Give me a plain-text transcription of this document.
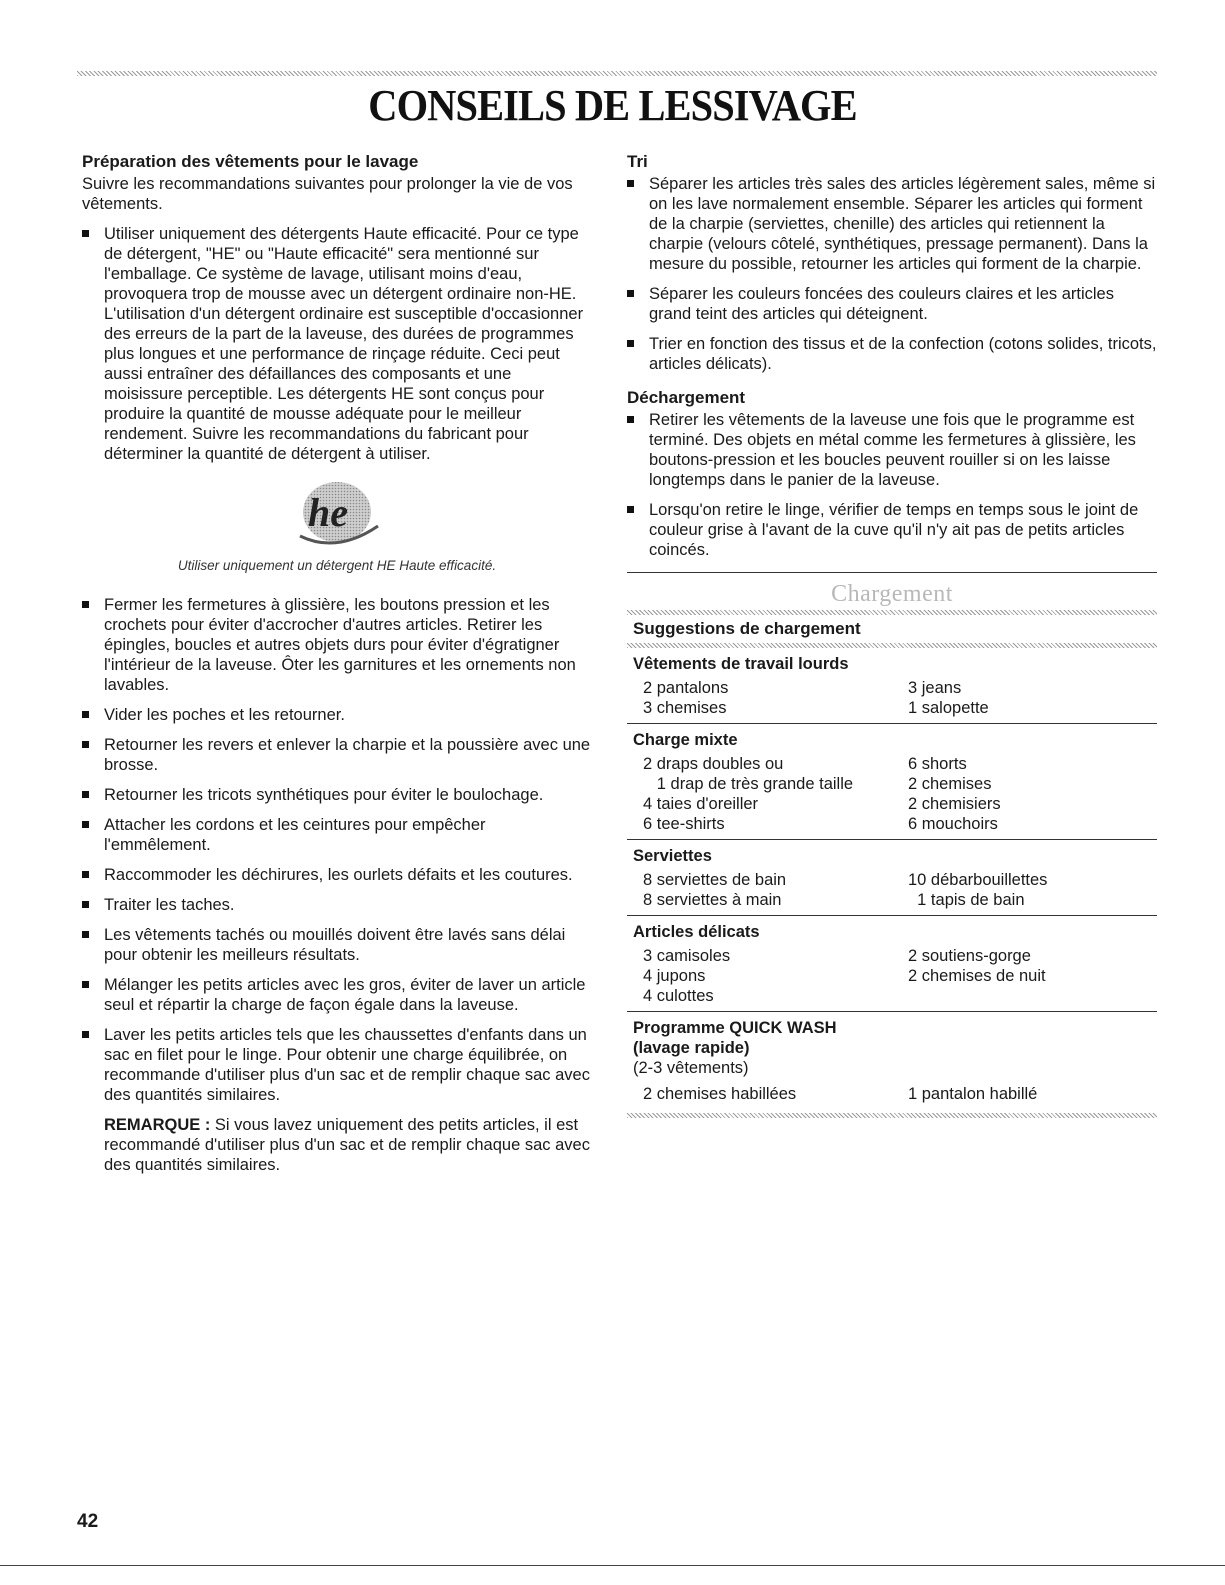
CONSEILS DE LESSIVAGE
Préparation des vêtements pour le lavage
Suivre les recommandations suivantes pour prolonger la vie de vos vêtements.
Utiliser uniquement des détergents Haute efficacité. Pour ce type de détergent, "HE" ou "Haute efficacité" sera mentionné sur l'emballage. Ce système de lavage, utilisant moins d'eau, provoquera trop de mousse avec un détergent ordinaire non-HE. L'utilisation d'un détergent ordinaire est susceptible d'occasionner des erreurs de la part de la laveuse, des durées de programmes plus longues et une performance de rinçage réduite. Ceci peut aussi entraîner des défaillances des composants et une moisissure perceptible. Les détergents HE sont conçus pour produire la quantité de mousse adéquate pour le meilleur rendement. Suivre les recommandations du fabricant pour déterminer la quantité de détergent à utiliser.
he
Utiliser uniquement un détergent HE Haute efficacité.
Fermer les fermetures à glissière, les boutons pression et les crochets pour éviter d'accrocher d'autres articles. Retirer les épingles, boucles et autres objets durs pour éviter d'égratigner l'intérieur de la laveuse. Ôter les garnitures et les ornements non lavables.
Vider les poches et les retourner.
Retourner les revers et enlever la charpie et la poussière avec une brosse.
Retourner les tricots synthétiques pour éviter le boulochage.
Attacher les cordons et les ceintures pour empêcher l'emmêlement.
Raccommoder les déchirures, les ourlets défaits et les coutures.
Traiter les taches.
Les vêtements tachés ou mouillés doivent être lavés sans délai pour obtenir les meilleurs résultats.
Mélanger les petits articles avec les gros, éviter de laver un article seul et répartir la charge de façon égale dans la laveuse.
Laver les petits articles tels que les chaussettes d'enfants dans un sac en filet pour le linge. Pour obtenir une charge équilibrée, on recommande d'utiliser plus d'un sac et de remplir chaque sac avec des quantités similaires.

REMARQUE : Si vous lavez uniquement des petits articles, il est recommandé d'utiliser plus d'un sac et de remplir chaque sac avec des quantités similaires.

Tri
Séparer les articles très sales des articles légèrement sales, même si on les lave normalement ensemble. Séparer les articles qui forment de la charpie (serviettes, chenille) des articles qui retiennent la charpie (velours côtelé, synthétiques, pressage permanent). Dans la mesure du possible, retourner les articles qui forment de la charpie.
Séparer les couleurs foncées des couleurs claires et les articles grand teint des articles qui déteignent.
Trier en fonction des tissus et de la confection (cotons solides, tricots, articles délicats).
Déchargement
Retirer les vêtements de la laveuse une fois que le programme est terminé. Des objets en métal comme les fermetures à glissière, les boutons-pression et les boucles peuvent rouiller si on les laisse longtemps dans le panier de la laveuse.
Lorsqu'on retire le linge, vérifier de temps en temps sous le joint de couleur grise à l'avant de la cuve qu'il n'y ait pas de petits articles coincés.
Chargement
Suggestions de chargement
Vêtements de travail lourds
2 pantalons	3 jeans
3 chemises	1 salopette
Charge mixte
2 draps doubles ou	6 shorts
1 drap de très grande taille	2 chemises
4 taies d'oreiller	2 chemisiers
6 tee-shirts	6 mouchoirs
Serviettes
8 serviettes de bain	10 débarbouillettes
8 serviettes à main	1 tapis de bain
Articles délicats
3 camisoles	2 soutiens-gorge
4 jupons	2 chemises de nuit
4 culottes
Programme QUICK WASH
(lavage rapide)
(2-3 vêtements)
2 chemises habillées	1 pantalon habillé
42
